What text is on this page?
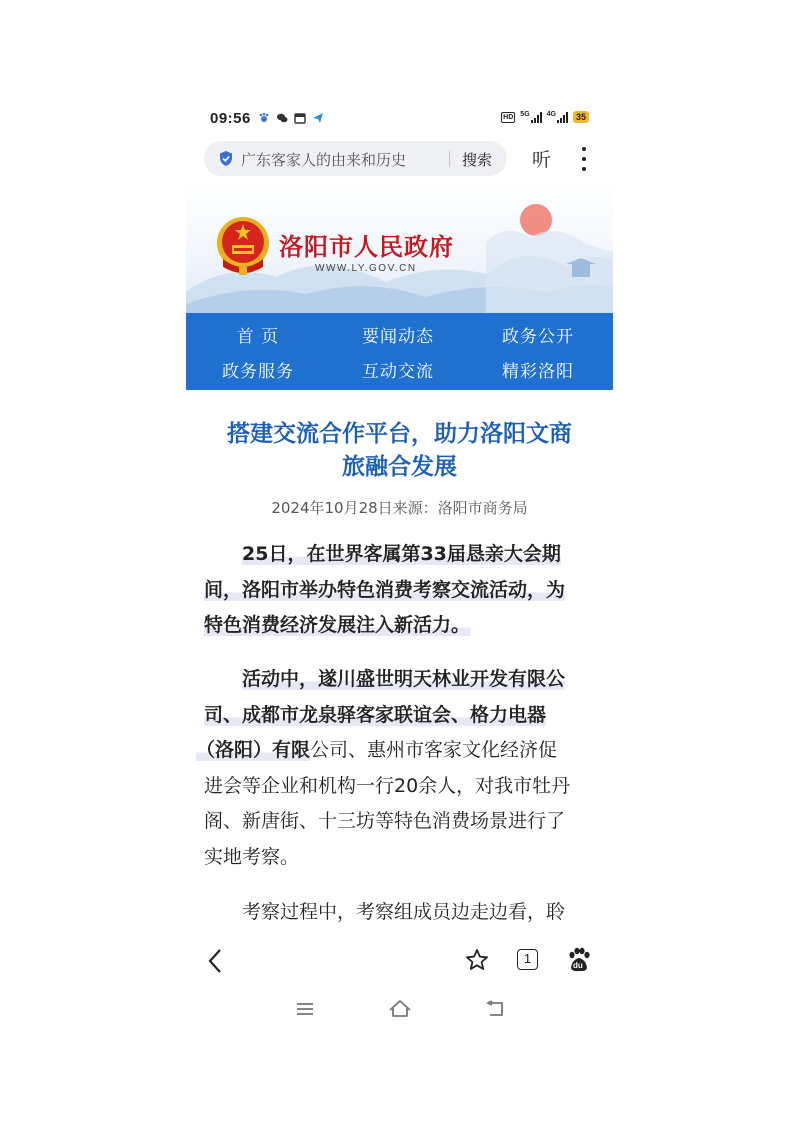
09:56	HD 5G 4G	35
广东客家人的由来和历史	搜索 听
洛阳市人民政府
WWW.LY.GOV.CN
首 页	要闻动态	政务公开
政务服务	互动交流	精彩洛阳
搭建交流合作平台，助力洛阳文商
旅融合发展
2024年10月28日来源：洛阳市商务局
25日，在世界客属第33届恳亲大会期
间，洛阳市举办特色消费考察交流活动，为
特色消费经济发展注入新活力。
活动中，遂川盛世明天林业开发有限公
司、成都市龙泉驿客家联谊会、格力电器
（洛阳）有限公司、惠州市客家文化经济促
进会等企业和机构一行20余人，对我市牡丹
阁、新唐街、十三坊等特色消费场景进行了
实地考察。
考察过程中，考察组成员边走边看，聆
1	du
